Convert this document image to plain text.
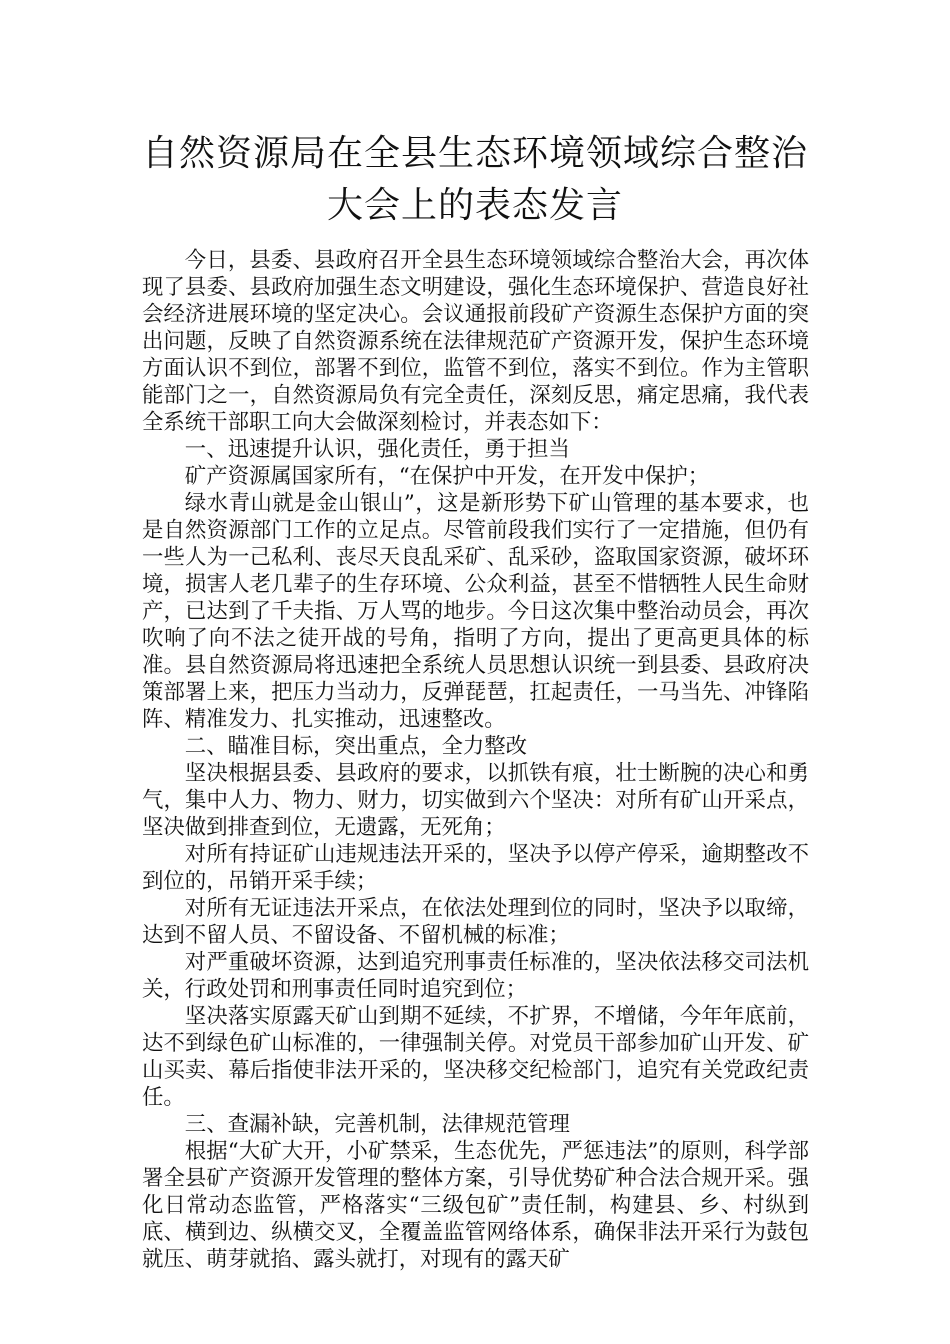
自然资源局在全县生态环境领域综合整治
大会上的表态发言

今日，县委、县政府召开全县生态环境领域综合整治大会，再次体现了县委、县政府加强生态文明建设，强化生态环境保护、营造良好社会经济进展环境的坚定决心。会议通报前段矿产资源生态保护方面的突出问题，反映了自然资源系统在法律规范矿产资源开发，保护生态环境方面认识不到位，部署不到位，监管不到位，落实不到位。作为主管职能部门之一，自然资源局负有完全责任，深刻反思，痛定思痛，我代表全系统干部职工向大会做深刻检讨，并表态如下：

一、迅速提升认识，强化责任，勇于担当

矿产资源属国家所有，“在保护中开发，在开发中保护；

绿水青山就是金山银山”，这是新形势下矿山管理的基本要求，也是自然资源部门工作的立足点。尽管前段我们实行了一定措施，但仍有一些人为一己私利、丧尽天良乱采矿、乱采砂，盗取国家资源，破坏环境，损害人老几辈子的生存环境、公众利益，甚至不惜牺牲人民生命财产，已达到了千夫指、万人骂的地步。今日这次集中整治动员会，再次吹响了向不法之徒开战的号角，指明了方向，提出了更高更具体的标准。县自然资源局将迅速把全系统人员思想认识统一到县委、县政府决策部署上来，把压力当动力，反弹琵琶，扛起责任，一马当先、冲锋陷阵、精准发力、扎实推动，迅速整改。

二、瞄准目标，突出重点，全力整改

坚决根据县委、县政府的要求，以抓铁有痕，壮士断腕的决心和勇气，集中人力、物力、财力，切实做到六个坚决：对所有矿山开采点，坚决做到排查到位，无遗露，无死角；

对所有持证矿山违规违法开采的，坚决予以停产停采，逾期整改不到位的，吊销开采手续；

对所有无证违法开采点，在依法处理到位的同时，坚决予以取缔，达到不留人员、不留设备、不留机械的标准；

对严重破坏资源，达到追究刑事责任标准的，坚决依法移交司法机关，行政处罚和刑事责任同时追究到位；

坚决落实原露天矿山到期不延续，不扩界，不增储，今年年底前，达不到绿色矿山标准的，一律强制关停。对党员干部参加矿山开发、矿山买卖、幕后指使非法开采的，坚决移交纪检部门，追究有关党政纪责任。

三、查漏补缺，完善机制，法律规范管理

根据“大矿大开，小矿禁采，生态优先，严惩违法”的原则，科学部署全县矿产资源开发管理的整体方案，引导优势矿种合法合规开采。强化日常动态监管，严格落实“三级包矿”责任制，构建县、乡、村纵到底、横到边、纵横交叉，全覆盖监管网络体系，确保非法开采行为鼓包就压、萌芽就掐、露头就打，对现有的露天矿
